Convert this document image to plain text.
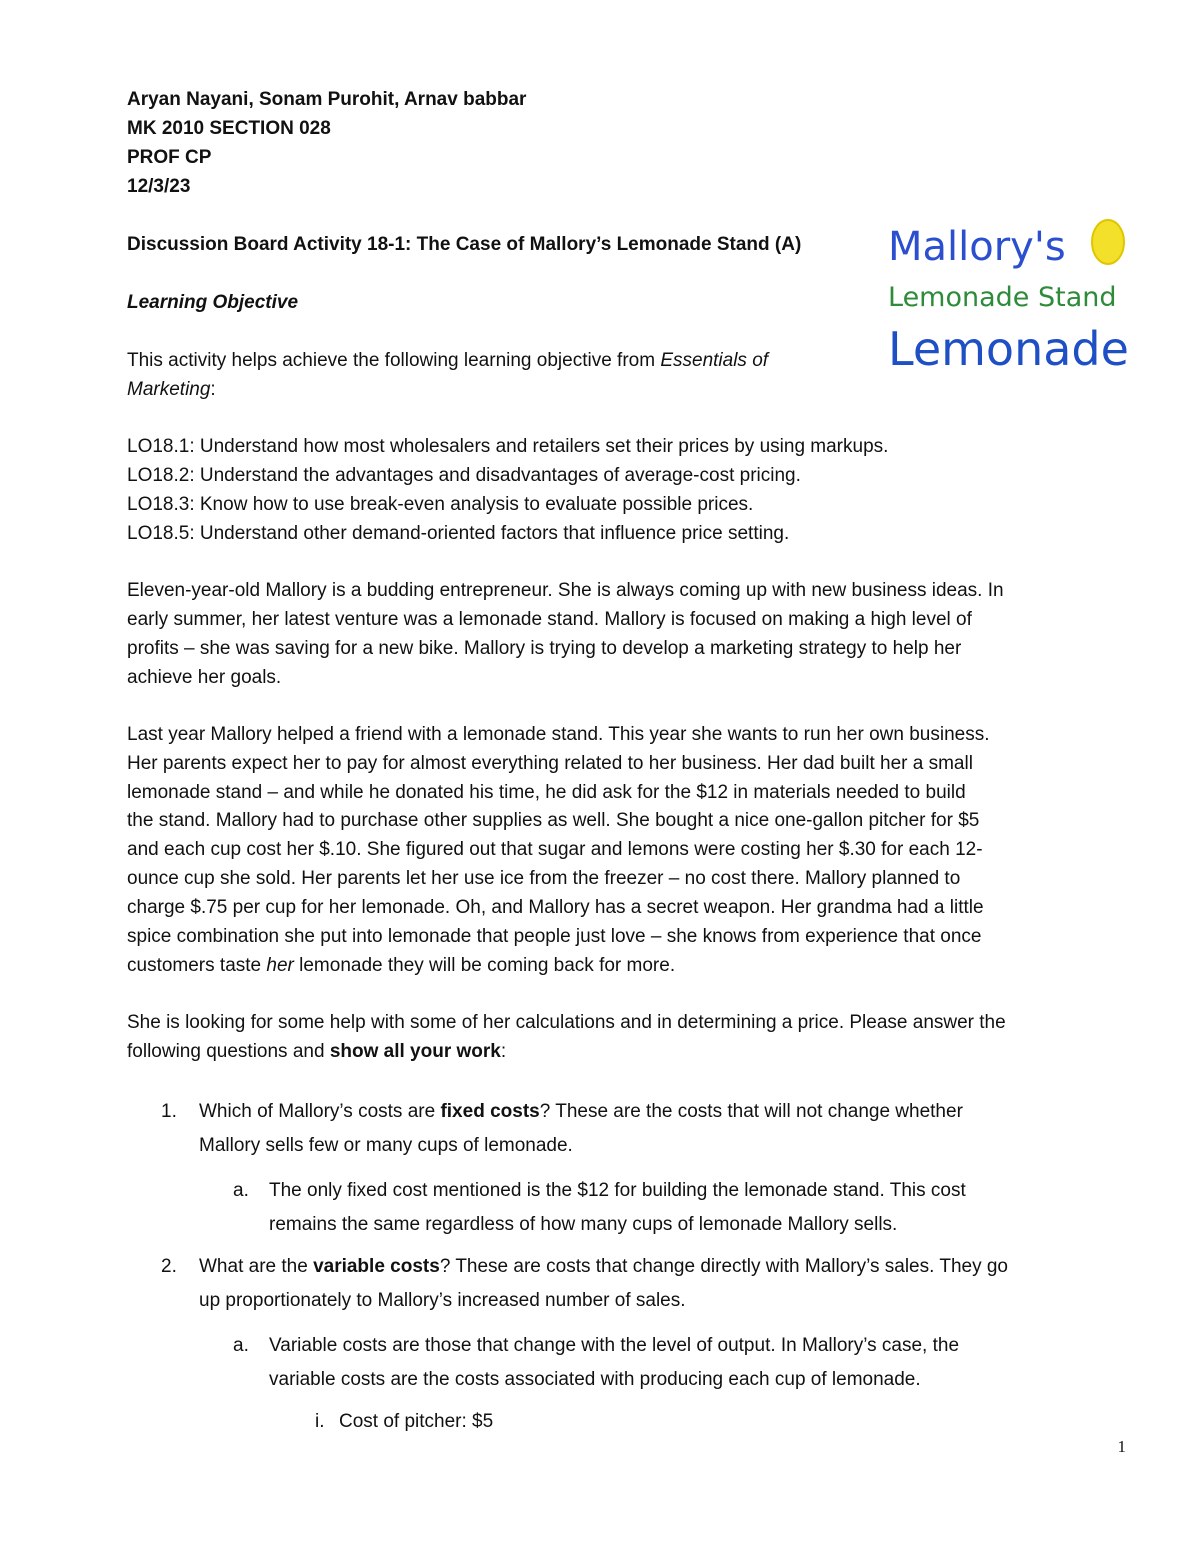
Aryan Nayani, Sonam Purohit, Arnav babbar
MK 2010 SECTION 028
PROF CP
12/3/23
Discussion Board Activity 18-1: The Case of Mallory’s Lemonade Stand (A) Mallory's
Lemonade Stand
Lemonade
Learning Objective
This activity helps achieve the following learning objective from Essentials of
Marketing:
LO18.1: Understand how most wholesalers and retailers set their prices by using markups.
LO18.2: Understand the advantages and disadvantages of average-cost pricing.
LO18.3: Know how to use break-even analysis to evaluate possible prices.
LO18.5: Understand other demand-oriented factors that influence price setting.
Eleven-year-old Mallory is a budding entrepreneur. She is always coming up with new business ideas. In
early summer, her latest venture was a lemonade stand. Mallory is focused on making a high level of
profits – she was saving for a new bike. Mallory is trying to develop a marketing strategy to help her
achieve her goals.
Last year Mallory helped a friend with a lemonade stand. This year she wants to run her own business.
Her parents expect her to pay for almost everything related to her business. Her dad built her a small
lemonade stand – and while he donated his time, he did ask for the $12 in materials needed to build
the stand. Mallory had to purchase other supplies as well. She bought a nice one-gallon pitcher for $5
and each cup cost her $.10. She figured out that sugar and lemons were costing her $.30 for each 12-
ounce cup she sold. Her parents let her use ice from the freezer – no cost there. Mallory planned to
charge $.75 per cup for her lemonade. Oh, and Mallory has a secret weapon. Her grandma had a little
spice combination she put into lemonade that people just love – she knows from experience that once
customers taste her lemonade they will be coming back for more.
She is looking for some help with some of her calculations and in determining a price. Please answer the
following questions and show all your work:
1. Which of Mallory’s costs are fixed costs? These are the costs that will not change whether
Mallory sells few or many cups of lemonade.
a. The only fixed cost mentioned is the $12 for building the lemonade stand. This cost
remains the same regardless of how many cups of lemonade Mallory sells.
2. What are the variable costs? These are costs that change directly with Mallory’s sales. They go
up proportionately to Mallory’s increased number of sales.
a. Variable costs are those that change with the level of output. In Mallory’s case, the
variable costs are the costs associated with producing each cup of lemonade.
i. Cost of pitcher: $5
1
